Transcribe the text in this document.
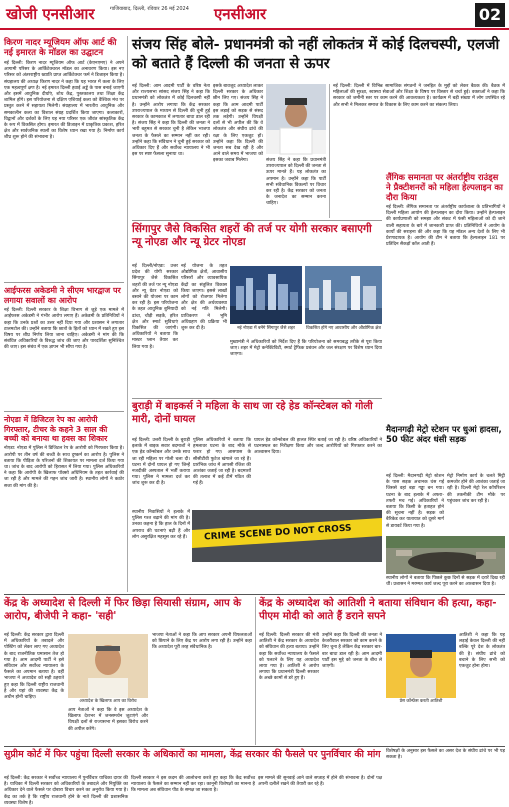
खोजी एनसीआर	गाजियाबाद, दिल्ली, रविवार 26 मई 2024 एनसीआर	02
किरण नादर म्यूजियम ऑफ आर्ट की नई इमारत के मॉडल का उद्घाटन
नई दिल्ली: किरण नादर म्यूजियम ऑफ आर्ट (केएनएमए) ने अपने आगामी परिसर के आर्किटेक्चरल मॉडल का अनावरण किया। इस नए परिसर को अंतरराष्ट्रीय ख्याति प्राप्त आर्किटेक्चर फर्म ने डिजाइन किया है। संग्रहालय की अध्यक्ष किरण नादर ने कहा कि यह भारत में कला के लिए एक महत्वपूर्ण क्षण है। नई इमारत दिल्ली हवाई अड्डे के पास बनाई जाएगी और इसमें आधुनिक दीर्घाएं, शोध केंद्र, पुस्तकालय तथा शिक्षा केंद्र शामिल होंगे। इस परियोजना से दक्षिण एशियाई कला को वैश्विक मंच पर प्रस्तुत करने में सहायता मिलेगी। संग्रहालय में भारतीय आधुनिक और समकालीन कला का विशाल संग्रह प्रदर्शित किया जाएगा। कलाकारों, विद्वानों और दर्शकों के लिए यह नया परिसर एक जीवंत सांस्कृतिक केंद्र के रूप में विकसित होगा। इमारत की डिजाइन में प्राकृतिक प्रकाश, हरित क्षेत्र और सार्वजनिक स्थलों का विशेष ध्यान रखा गया है। निर्माण कार्य शीघ्र शुरू होने की संभावना है।
आईफरस अकेडमी ने सीएम भारद्वाज पर लगाया सवालों का आरोप
नई दिल्ली: दिल्ली सरकार के शिक्षा विभाग से जुड़े एक मामले में आईफरस अकेडमी ने गंभीर आरोप लगाए हैं। अकेडमी के प्रतिनिधियों ने कहा कि उनके प्रश्नों का उत्तर नहीं दिया गया और प्रशासन ने लगातार टालमटोल की। उन्होंने बताया कि छात्रों के हितों को ध्यान में रखते हुए इस विषय पर शीघ्र निर्णय लिया जाना चाहिए। अकेडमी ने मांग की कि संबंधित अधिकारियों के विरुद्ध जांच की जाए और पारदर्शिता सुनिश्चित की जाए। इस संबंध में एक ज्ञापन भी सौंपा गया है।
नोएडा में डिजिटल रेप का आरोपी गिरफ्तार, टीचर के कहने 3 साल की बच्ची को बनाया था हवस का शिकार
नोएडा: नोएडा में पुलिस ने डिजिटल रेप के आरोपी को गिरफ्तार किया है। आरोपी पर तीन वर्ष की बच्ची के साथ दुष्कर्म का आरोप है। पुलिस ने बताया कि पीड़िता के परिजनों की शिकायत पर मामला दर्ज किया गया था। जांच के बाद आरोपी को हिरासत में लिया गया। पुलिस अधिकारियों ने कहा कि आरोपी के खिलाफ पॉक्सो अधिनियम के तहत कार्रवाई की जा रही है और मामले की गहन जांच जारी है। स्थानीय लोगों ने कठोर सजा की मांग की है।
संजय सिंह बोले- प्रधानमंत्री को नहीं लोकतंत्र में कोई दिलचस्पी, एलजी को बताते हैं दिल्ली की जनता से ऊपर
नई दिल्ली: आम आदमी पार्टी के वरिष्ठ नेता और राज्यसभा सांसद संजय सिंह ने कहा कि प्रधानमंत्री को लोकतंत्र में कोई दिलचस्पी नहीं है। उन्होंने आरोप लगाया कि केंद्र सरकार उपराज्यपाल के माध्यम से दिल्ली की चुनी हुई सरकार के कामकाज में लगातार बाधा डाल रही है। संजय सिंह ने कहा कि दिल्ली की जनता ने भारी बहुमत से सरकार चुनी है लेकिन भाजपा जनता के फैसले का सम्मान नहीं कर रही। उन्होंने कहा कि संविधान ने चुनी हुई सरकार को अधिकार दिए हैं और सर्वोच्च न्यायालय ने भी इस पर स्पष्ट फैसला सुनाया था।
इसके बावजूद अध्यादेश लाकर दिल्ली सरकार के अधिकार छीन लिए गए। संजय सिंह ने कहा कि आम आदमी पार्टी इस लड़ाई को सड़क से संसद तक लड़ेगी। उन्होंने विपक्षी दलों से भी अपील की कि वे लोकतंत्र और संघीय ढांचे की रक्षा के लिए एकजुट हों। उन्होंने कहा कि दिल्ली की जनता सब देख रही है और आने वाले समय में भाजपा को इसका जवाब मिलेगा।	संजय सिंह ने कहा कि प्रधानमंत्री उपराज्यपाल को दिल्ली की जनता से ऊपर मानते हैं। यह लोकतंत्र का अपमान है। उन्होंने कहा कि पार्टी सभी संवैधानिक विकल्पों पर विचार कर रही है। केंद्र सरकार को जनता के जनादेश का सम्मान करना चाहिए।
नई दिल्ली: दिल्ली में विभिन्न सामाजिक संगठनों ने जनहित के मुद्दों को लेकर बैठक की। बैठक में महिलाओं की सुरक्षा, स्वास्थ्य सेवाओं और शिक्षा के विषय पर विस्तार से चर्चा हुई। वक्ताओं ने कहा कि सरकार को जमीनी स्तर पर काम करने की आवश्यकता है। कार्यक्रम में बड़ी संख्या में लोग उपस्थित रहे और सभी ने मिलकर समाज के विकास के लिए काम करने का संकल्प लिया।
लैंगिक समानता पर अंतर्राष्ट्रीय राउंड्स ने प्रैक्टीशनरों को महिला हेल्पलाइन का दौरा किया
नई दिल्ली: लैंगिक समानता पर अंतर्राष्ट्रीय कार्यशाला के प्रतिभागियों ने दिल्ली महिला आयोग की हेल्पलाइन का दौरा किया। उन्होंने हेल्पलाइन की कार्यप्रणाली को समझा और संकट में फंसी महिलाओं को दी जाने वाली सहायता के बारे में जानकारी प्राप्त की। प्रतिनिधियों ने आयोग के कार्यों की सराहना की और कहा कि यह मॉडल अन्य देशों के लिए भी प्रेरणादायक है। आयोग की टीम ने बताया कि हेल्पलाइन 181 पर प्रतिदिन सैकड़ों कॉल आती हैं।
सिंगापुर जैसे विकसित शहरों की तर्ज पर योगी सरकार बसाएगी न्यू नोएडा और न्यू ग्रेटर नोएडा
नई दिल्ली/नोएडा: उत्तर प्रदेश की योगी सरकार सिंगापुर जैसे विकसित शहरों की तर्ज पर न्यू नोएडा और न्यू ग्रेटर नोएडा को बसाने की योजना पर काम कर रही है। इस परियोजना के तहत आधुनिक बुनियादी ढांचा, चौड़ी सड़कें, हरित क्षेत्र और स्मार्ट सुविधाएं विकसित की जाएंगी। अधिकारियों ने बताया कि मास्टर प्लान तैयार कर लिया गया है।
नई योजना के तहत औद्योगिक क्षेत्रों, आवासीय परिसरों और व्यावसायिक केंद्रों का संतुलित विकास किया जाएगा। इससे लाखों लोगों को रोजगार मिलेगा और क्षेत्र की अर्थव्यवस्था को नई गति मिलेगी। प्राधिकरण ने भूमि अधिग्रहण की प्रक्रिया भी शुरू कर दी है।	नई नोएडा में बनेंगे सिंगापुर जैसे शहर	विकसित होंगे नए आवासीय और औद्योगिक क्षेत्र
मुख्यमंत्री ने अधिकारियों को निर्देश दिए हैं कि परियोजना को समयबद्ध तरीके से पूरा किया जाए। शहर में मेट्रो कनेक्टिविटी, स्मार्ट ट्रैफिक प्रबंधन और जल संरक्षण पर विशेष ध्यान दिया जाएगा।
बुराड़ी में बाइकर्स ने महिला के साथ जा रहे हेड कॉन्स्टेबल को गोली मारी, दोनों घायल
नई दिल्ली: उत्तरी दिल्ली के बुराड़ी इलाके में बाइक सवार बदमाशों ने एक हेड कॉन्स्टेबल और उनके साथ जा रही महिला पर गोली चला दी। घटना में दोनों घायल हो गए जिन्हें नजदीकी अस्पताल में भर्ती कराया गया। पुलिस ने मामला दर्ज कर जांच शुरू कर दी है।
पुलिस अधिकारियों ने बताया कि हमलावर घटना के बाद मौके से फरार हो गए। आसपास के सीसीटीवी फुटेज खंगाले जा रहे हैं। प्रारंभिक जांच में आपसी रंजिश की आशंका जताई जा रही है। बदमाशों की तलाश में कई टीमें गठित की गई हैं।
घायल हेड कॉन्स्टेबल की हालत स्थिर बताई जा रही है। वरिष्ठ अधिकारियों ने घटनास्थल का निरीक्षण किया और जल्द आरोपियों को गिरफ्तार करने का आश्वासन दिया।
CRIME SCENE DO NOT CROSS
स्थानीय निवासियों ने इलाके में पुलिस गश्त बढ़ाने की मांग की है। उनका कहना है कि हाल के दिनों में अपराध की घटनाएं बढ़ी हैं और लोग असुरक्षित महसूस कर रहे हैं।
मैदानगढ़ी मेट्रो स्टेशन पर धुआं हादसा, 50 फीट अंदर धंसी सड़क
नई दिल्ली: मैदानगढ़ी मेट्रो स्टेशन के पास सड़क अचानक धंस गई जिससे वहां बड़ा गड्ढा बन गया। घटना के बाद इलाके में अफरा-तफरी मच गई। अधिकारियों ने बताया कि किसी के हताहत होने की सूचना नहीं है। सड़क को बैरिकेड कर यातायात को दूसरे मार्ग से डायवर्ट किया गया है।
मेट्रो निर्माण कार्य के चलते मिट्टी कमजोर होने की आशंका जताई जा रही है। दिल्ली मेट्रो रेल कॉर्पोरेशन की तकनीकी टीम मौके पर पहुंचकर जांच कर रही है।
स्थानीय लोगों ने बताया कि पिछले कुछ दिनों से सड़क में दरारें दिख रही थीं। प्रशासन ने मरम्मत कार्य जल्द पूरा करने का आश्वासन दिया है।
केंद्र के अध्यादेश से दिल्ली में फिर छिड़ा सियासी संग्राम, आप के आरोप, बीजेपी ने कहा- 'सही'
नई दिल्ली: केंद्र सरकार द्वारा दिल्ली में अधिकारियों के तबादले और पोस्टिंग को लेकर लाए गए अध्यादेश के बाद राजनीतिक घमासान तेज हो गया है। आम आदमी पार्टी ने इसे संविधान और सर्वोच्च न्यायालय के फैसले का अपमान बताया है। वहीं भाजपा ने अध्यादेश को सही ठहराते हुए कहा कि दिल्ली राष्ट्रीय राजधानी है और यहां की व्यवस्था केंद्र के अधीन होनी चाहिए।
अध्यादेश के खिलाफ आप का विरोध
भाजपा नेताओं ने कहा कि आप सरकार अपनी विफलताओं को छिपाने के लिए केंद्र पर आरोप लगा रही है। उन्होंने कहा कि अध्यादेश पूरी तरह संवैधानिक है।
आप नेताओं ने कहा कि वे इस अध्यादेश के खिलाफ देशभर में जनसमर्थन जुटाएंगे और विपक्षी दलों से राज्यसभा में इसका विरोध करने की अपील करेंगे।
केंद्र के अध्यादेश को आतिशी ने बताया संविधान की हत्या, कहा-पीएम मोदी को आते हैं डराने सपने
नई दिल्ली: दिल्ली सरकार की मंत्री आतिशी ने केंद्र सरकार के अध्यादेश को संविधान की हत्या बताया। उन्होंने कहा कि सर्वोच्च न्यायालय के फैसले को पलटने के लिए यह अध्यादेश लाया गया है। आतिशी ने आरोप लगाया कि प्रधानमंत्री दिल्ली सरकार के अच्छे कामों से डरे हुए हैं।
उन्होंने कहा कि दिल्ली की जनता ने केजरीवाल सरकार को काम करने के लिए चुना है लेकिन केंद्र सरकार बार-बार बाधा डाल रही है। आम आदमी पार्टी इस मुद्दे को जनता के बीच ले जाएगी।
प्रेस कॉन्फ्रेंस करती आतिशी
आतिशी ने कहा कि यह लड़ाई केवल दिल्ली की नहीं बल्कि पूरे देश के लोकतंत्र की है। संघीय ढांचे को बचाने के लिए सभी को एकजुट होना होगा।
सुप्रीम कोर्ट में फिर पहुंचा दिल्ली सरकार के अधिकारों का मामला, केंद्र सरकार की फैसले पर पुनर्विचार की मांग
नई दिल्ली: केंद्र सरकार ने सर्वोच्च न्यायालय में पुनर्विचार याचिका दायर की है। याचिका में दिल्ली सरकार को अधिकारियों के तबादले और नियुक्ति का अधिकार देने वाले फैसले पर दोबारा विचार करने का अनुरोध किया गया है। केंद्र का तर्क है कि राष्ट्रीय राजधानी होने के नाते दिल्ली की प्रशासनिक व्यवस्था विशेष है।
दिल्ली सरकार ने इस कदम की आलोचना करते हुए कहा कि केंद्र सर्वोच्च न्यायालय के फैसले का सम्मान नहीं कर रहा। कानूनी विशेषज्ञों का मानना है कि मामला अब संविधान पीठ के समक्ष जा सकता है।
इस मामले की सुनवाई आने वाले सप्ताह में होने की संभावना है। दोनों पक्ष अपनी दलीलें रखने की तैयारी कर रहे हैं।
विशेषज्ञों के अनुसार इस फैसले का असर देश के संघीय ढांचे पर भी पड़ सकता है।
